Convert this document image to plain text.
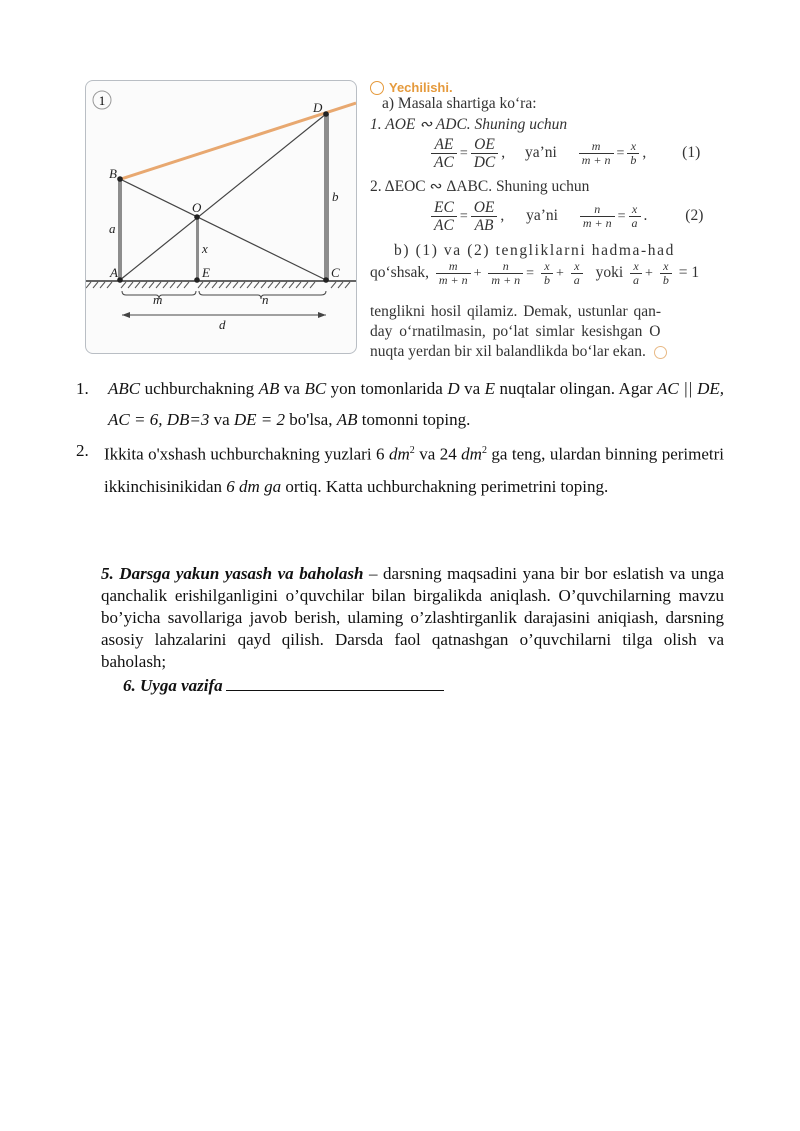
1
B
A
O
E
D
C
a
b
x
m	n
d
Yechilishi.
a) Masala shartiga ko‘ra:
1. AOE ∾ ADC. Shuning uchun
$\frac{AE}{AC} = \frac{OE}{DC}$ , ya’ni $\frac{m}{m + n} = \frac{x}{b}$ , (1)
2. ΔEOC ∾ ΔABC. Shuning uchun
$\frac{EC}{AC} = \frac{OE}{AB}$ , ya’ni $\frac{n}{m + n} = \frac{x}{a}$ . (2)
b) (1) va (2) tengliklarni hadma-had
qo‘shsak, $\frac{m}{m + n} + \frac{n}{m + n} = \frac{x}{b} + \frac{x}{a}$ yoki $\frac{x}{a} + \frac{x}{b} = 1$
tenglikni hosil qilamiz. Demak, ustunlar qan-
day o‘rnatilmasin, po‘lat simlar kesishgan O
nuqta yerdan bir xil balandlikda bo‘lar ekan.
1.	ABC uchburchakning AB va BC yon tomonlarida D va E nuqtalar olingan. Agar AC || DE, AC = 6, DB=3 va DE = 2 bo'lsa, AB tomonni toping.
2. Ikkita o'xshash uchburchakning yuzlari 6 $dm^2$ va 24 $dm^2$ ga teng, ulardan binning perimetri ikkinchisinikidan 6 dm ga ortiq. Katta uchburchakning perimetrini toping.
5. Darsga yakun yasash va baholash – darsning maqsadini yana bir bor eslatish va unga qanchalik erishilganligini o’quvchilar bilan birgalikda aniqlash. O’quvchilarning mavzu bo’yicha savollariga javob berish, ulaming o’zlashtirganlik darajasini aniqiash, darsning asosiy lahzalarini qayd qilish. Darsda faol qatnashgan o’quvchilarni tilga olish va baholash;
6. Uyga vazifa
